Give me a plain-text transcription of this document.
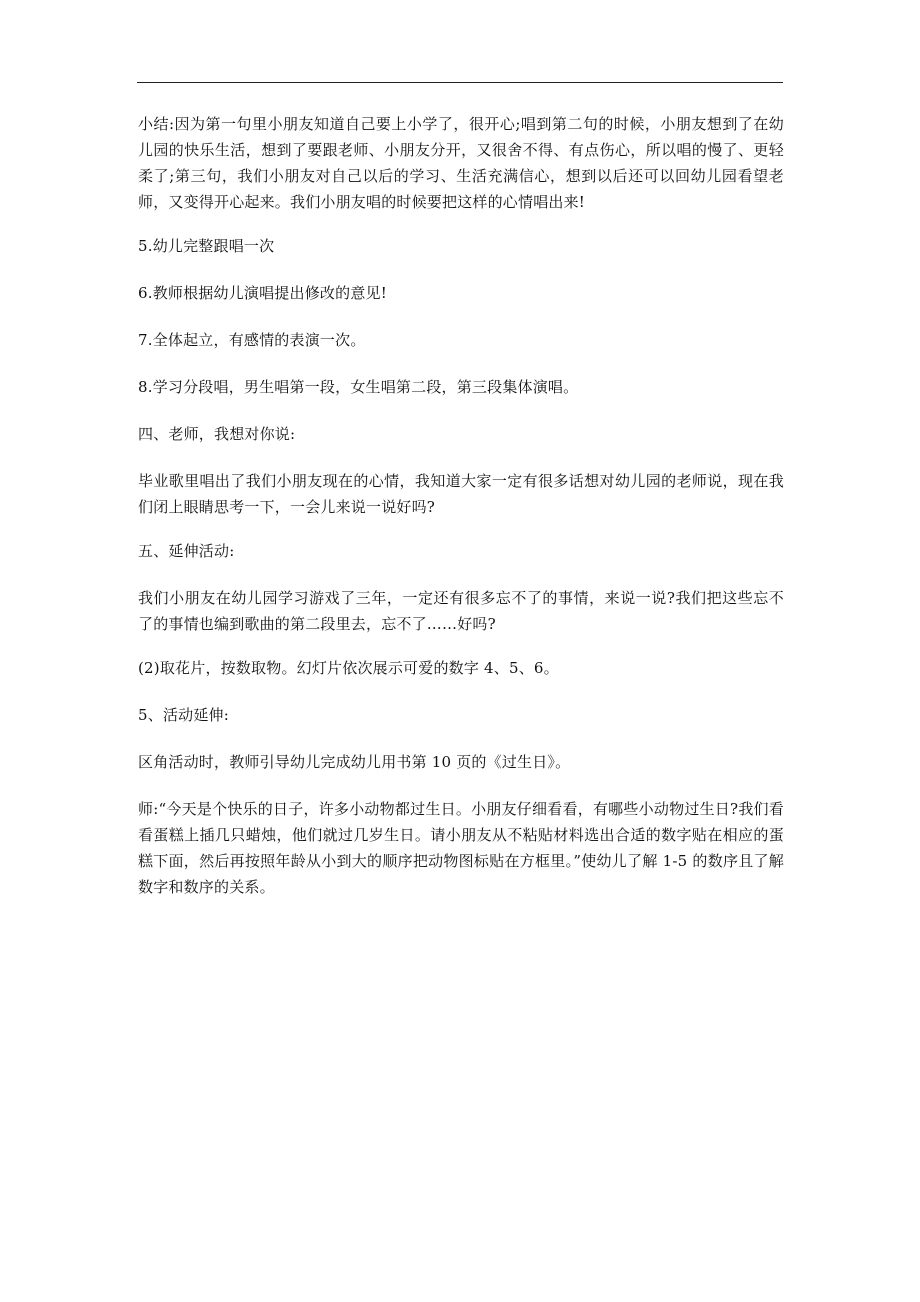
小结:因为第一句里小朋友知道自己要上小学了，很开心;唱到第二句的时候，小朋友想到了在幼儿园的快乐生活，想到了要跟老师、小朋友分开，又很舍不得、有点伤心，所以唱的慢了、更轻柔了;第三句，我们小朋友对自己以后的学习、生活充满信心，想到以后还可以回幼儿园看望老师，又变得开心起来。我们小朋友唱的时候要把这样的心情唱出来!

5.幼儿完整跟唱一次

6.教师根据幼儿演唱提出修改的意见!

7.全体起立，有感情的表演一次。

8.学习分段唱，男生唱第一段，女生唱第二段，第三段集体演唱。

四、老师，我想对你说:

毕业歌里唱出了我们小朋友现在的心情，我知道大家一定有很多话想对幼儿园的老师说，现在我们闭上眼睛思考一下，一会儿来说一说好吗?

五、延伸活动:

我们小朋友在幼儿园学习游戏了三年，一定还有很多忘不了的事情，来说一说?我们把这些忘不了的事情也编到歌曲的第二段里去，忘不了……好吗?

(2)取花片，按数取物。幻灯片依次展示可爱的数字 4、5、6。

5、活动延伸:

区角活动时，教师引导幼儿完成幼儿用书第 10 页的《过生日》。

师:“今天是个快乐的日子，许多小动物都过生日。小朋友仔细看看，有哪些小动物过生日?我们看看蛋糕上插几只蜡烛，他们就过几岁生日。请小朋友从不粘贴材料选出合适的数字贴在相应的蛋糕下面，然后再按照年龄从小到大的顺序把动物图标贴在方框里。”使幼儿了解 1-5 的数序且了解数字和数序的关系。
